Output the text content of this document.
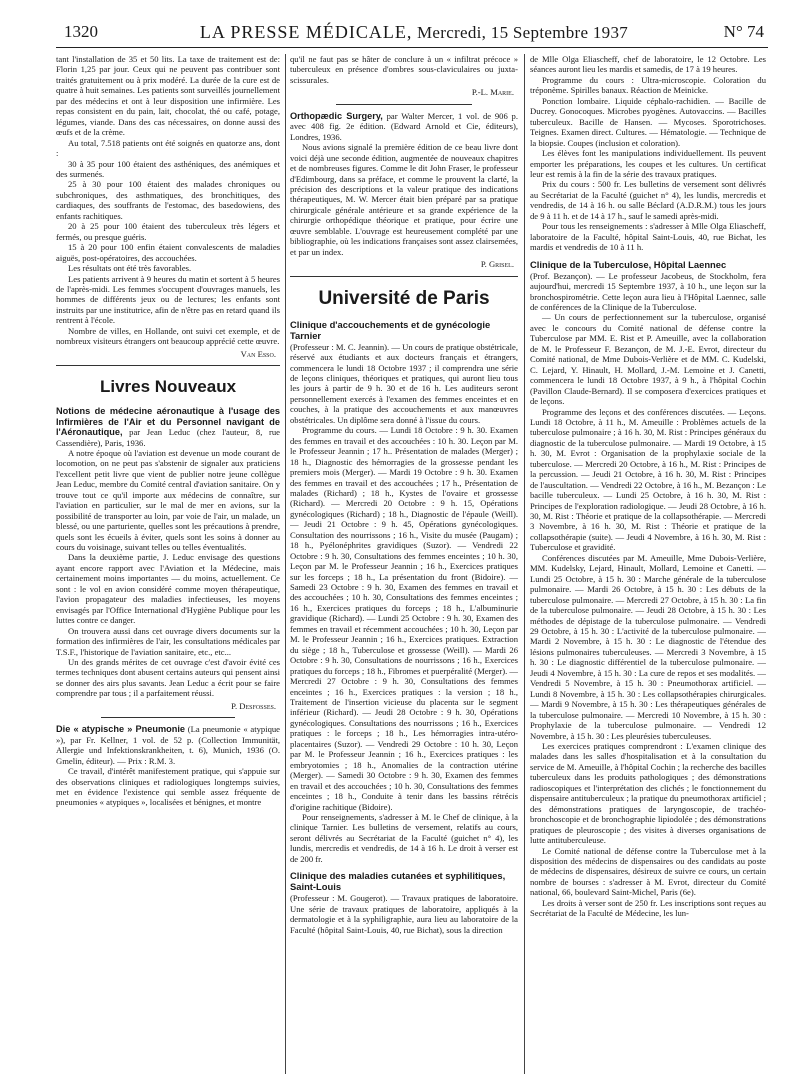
1320	LA PRESSE MÉDICALE, Mercredi, 15 Septembre 1937	N° 74

tant l'installation de 35 et 50 lits. La taxe de traitement est de: Florin 1,25 par jour. Ceux qui ne peuvent pas contribuer sont traités gratuitement ou à prix modéré. La durée de la cure est de quatre à huit semaines. Les patients sont surveillés journellement par des médecins et ont à leur disposition une infirmière. Les repas consistent en du pain, lait, chocolat, thé ou café, potage, légumes, viande. Dans des cas nécessaires, on donne aussi des œufs et de la crème.

Au total, 7.518 patients ont été soignés en quatorze ans, dont :

30 à 35 pour 100 étaient des asthéniques, des anémiques et des surmenés.

25 à 30 pour 100 étaient des malades chroniques ou subchroniques, des asthmatiques, des bronchitiques, des cardiaques, des souffrants de l'estomac, des basedowiens, des enfants rachitiques.

20 à 25 pour 100 étaient des tuberculeux très légers et fermés, ou presque guéris.

15 à 20 pour 100 enfin étaient convalescents de maladies aiguës, post-opératoires, des accouchées.

Les résultats ont été très favorables.

Les patients arrivent à 9 heures du matin et sortent à 5 heures de l'après-midi. Les femmes s'occupent d'ouvrages manuels, les hommes de différents jeux ou de lectures; les enfants sont instruits par une institutrice, afin de n'être pas en retard quand ils rentrent à l'école.

Nombre de villes, en Hollande, ont suivi cet exemple, et de nombreux visiteurs étrangers ont beaucoup apprécié cette œuvre.

Van Esso.

Livres Nouveaux

Notions de médecine aéronautique à l'usage des Infirmières de l'Air et du Personnel navigant de l'Aéronautique, par Jean Leduc (chez l'auteur, 8, rue Cassendière), Paris, 1936.

A notre époque où l'aviation est devenue un mode courant de locomotion, on ne peut pas s'abstenir de signaler aux praticiens l'excellent petit livre que vient de publier notre jeune collègue Jean Leduc, membre du Comité central d'aviation sanitaire. On y trouve tout ce qu'il importe aux médecins de connaître, sur l'aviation en particulier, sur le mal de mer en avions, sur la possibilité de transporter au loin, par voie de l'air, un malade, un blessé, ou une parturiente, quelles sont les précautions à prendre, quels sont les écueils à éviter, quels sont les soins à donner au cours du voisinage, suivant telles ou telles éventualités.

Dans la deuxième partie, J. Leduc envisage des questions ayant encore rapport avec l'Aviation et la Médecine, mais certainement moins importantes — du moins, actuellement. Ce sont : le vol en avion considéré comme moyen thérapeutique, l'avion propagateur des maladies infectieuses, les moyens envisagés par l'Office International d'Hygiène Publique pour les luttes contre ce danger.

On trouvera aussi dans cet ouvrage divers documents sur la formation des infirmières de l'air, les consultations médicales par T.S.F., l'historique de l'aviation sanitaire, etc., etc...

Un des grands mérites de cet ouvrage c'est d'avoir évité ces termes techniques dont abusent certains auteurs qui pensent ainsi se donner des airs plus savants. Jean Leduc a écrit pour se faire comprendre par tous ; il a parfaitement réussi.

P. Desfosses.

Die « atypische » Pneumonie (La pneumonie « atypique »), par Fr. Kellner, 1 vol. de 52 p. (Collection Immunität, Allergie und Infektionskrankheiten, t. 6), Munich, 1936 (O. Gmelin, éditeur). — Prix : R.M. 3.

Ce travail, d'intérêt manifestement pratique, qui s'appuie sur des observations cliniques et radiologiques longtemps suivies, met en évidence l'existence qui semble assez fréquente de pneumonies « atypiques », localisées et bénignes, et montre

qu'il ne faut pas se hâter de conclure à un « infiltrat précoce » tuberculeux en présence d'ombres sous-claviculaires ou juxta-scissurales.

P.-L. Marie.

Orthopædic Surgery, par Walter Mercer, 1 vol. de 906 p. avec 408 fig. 2e édition. (Edward Arnold et Cie, éditeurs), Londres, 1936.

Nous avions signalé la première édition de ce beau livre dont voici déjà une seconde édition, augmentée de nouveaux chapitres et de nombreuses figures. Comme le dit John Fraser, le professeur d'Edimbourg, dans sa préface, et comme le prouvent la clarté, la précision des descriptions et la valeur pratique des indications thérapeutiques, M. W. Mercer était bien préparé par sa pratique chirurgicale générale antérieure et sa grande expérience de la chirurgie orthopédique théorique et pratique, pour écrire une œuvre semblable. L'ouvrage est heureusement complété par une bibliographie, où les indications françaises sont assez clairsemées, et par un index.

P. Grisel.

Université de Paris
Clinique d'accouchements et de gynécologie Tarnier

(Professeur : M. C. Jeannin). — Un cours de pratique obstétricale, réservé aux étudiants et aux docteurs français et étrangers, commencera le lundi 18 Octobre 1937 ; il comprendra une série de leçons cliniques, théoriques et pratiques, qui auront lieu tous les jours à partir de 9 h. 30 et de 16 h. Les auditeurs seront personnellement exercés à l'examen des femmes enceintes et en couches, à la pratique des accouchements et aux manœuvres obstétricales. Un diplôme sera donné à l'issue du cours.

Programme du cours. — Lundi 18 Octobre : 9 h. 30. Examen des femmes en travail et des accouchées : 10 h. 30. Leçon par M. le Professeur Jeannin ; 17 h.. Présentation de malades (Merger) ; 18 h., Diagnostic des hémorragies de la grossesse pendant les premiers mois (Merger). — Mardi 19 Octobre : 9 h. 30. Examen des femmes en travail et des accouchées ; 17 h., Présentation de malades (Richard) ; 18 h., Kystes de l'ovaire et grossesse (Richard). — Mercredi 20 Octobre : 9 h. 15, Opérations gynécologiques (Richard) ; 18 h., Diagnostic de l'épaule (Weill). — Jeudi 21 Octobre : 9 h. 45, Opérations gynécologiques. Consultation des nourrissons ; 16 h., Visite du musée (Paugam) ; 18 h., Pyélonéphrites gravidiques (Suzor). — Vendredi 22 Octobre : 9 h. 30, Consultations des femmes enceintes ; 10 h. 30, Leçon par M. le Professeur Jeannin ; 16 h., Exercices pratiques sur les forceps ; 18 h., La présentation du front (Bidoire). — Samedi 23 Octobre : 9 h. 30, Examen des femmes en travail et des accouchées ; 10 h. 30, Consultations des femmes enceintes ; 16 h., Exercices pratiques du forceps ; 18 h., L'albuminurie gravidique (Richard). — Lundi 25 Octobre : 9 h. 30, Examen des femmes en travail et récemment accouchées ; 10 h. 30, Leçon par M. le Professeur Jeannin ; 16 h., Exercices pratiques. Extraction du siège ; 18 h., Tuberculose et grossesse (Weill). — Mardi 26 Octobre : 9 h. 30, Consultations de nourrissons ; 16 h., Exercices pratiques du forceps ; 18 h., Fibromes et puerpéralité (Merger). — Mercredi 27 Octobre : 9 h. 30, Consultations des femmes enceintes ; 16 h., Exercices pratiques : la version ; 18 h., Traitement de l'insertion vicieuse du placenta sur le segment inférieur (Richard). — Jeudi 28 Octobre : 9 h. 30, Opérations gynécologiques. Consultations des nourrissons ; 16 h., Exercices pratiques : le forceps ; 18 h., Les hémorragies intra-utéro-placentaires (Suzor). — Vendredi 29 Octobre : 10 h. 30, Leçon par M. le Professeur Jeannin ; 16 h., Exercices pratiques : les embryotomies ; 18 h., Anomalies de la contraction utérine (Merger). — Samedi 30 Octobre : 9 h. 30, Examen des femmes en travail et des accouchées ; 10 h. 30, Consultations des femmes enceintes ; 18 h., Conduite à tenir dans les bassins rétrécis d'origine rachitique (Bidoire).

Pour renseignements, s'adresser à M. le Chef de clinique, à la clinique Tarnier. Les bulletins de versement, relatifs au cours, seront délivrés au Secrétariat de la Faculté (guichet n° 4), les lundis, mercredis et vendredis, de 14 à 16 h. Le droit à verser est de 200 fr.

Clinique des maladies cutanées et syphilitiques, Saint-Louis

(Professeur : M. Gougerot). — Travaux pratiques de laboratoire. Une série de travaux pratiques de laboratoire, appliqués à la dermatologie et à la syphiligraphie, aura lieu au laboratoire de la Faculté (hôpital Saint-Louis, 40, rue Bichat), sous la direction

de Mlle Olga Eliascheff, chef de laboratoire, le 12 Octobre. Les séances auront lieu les mardis et samedis, de 17 à 19 heures.

Programme du cours : Ultra-microscopie. Coloration du tréponème. Spirilles banaux. Réaction de Meinicke.

Ponction lombaire. Liquide céphalo-rachidien. — Bacille de Ducrey. Gonocoques. Microbes pyogènes. Autovaccins. — Bacilles tuberculeux. Bacille de Hansen. — Mycoses. Sporotrichoses. Teignes. Examen direct. Cultures. — Hématologie. — Technique de la biopsie. Coupes (inclusion et coloration).

Les élèves font les manipulations individuellement. Ils peuvent emporter les préparations, les coupes et les cultures. Un certificat leur est remis à la fin de la série des travaux pratiques.

Prix du cours : 500 fr. Les bulletins de versement sont délivrés au Secrétariat de la Faculté (guichet n° 4), les lundis, mercredis et vendredis, de 14 à 16 h. ou salle Béclard (A.D.R.M.) tous les jours de 9 à 11 h. et de 14 à 17 h., sauf le samedi après-midi.

Pour tous les renseignements : s'adresser à Mlle Olga Eliascheff, laboratoire de la Faculté, hôpital Saint-Louis, 40, rue Bichat, les mardis et vendredis de 10 à 11 h.

Clinique de la Tuberculose, Hôpital Laennec

(Prof. Bezançon). — Le professeur Jacobeus, de Stockholm, fera aujourd'hui, mercredi 15 Septembre 1937, à 10 h., une leçon sur la bronchospirométrie. Cette leçon aura lieu à l'Hôpital Laennec, salle de conférences de la Clinique de la Tuberculose.

— Un cours de perfectionnement sur la tuberculose, organisé avec le concours du Comité national de défense contre la Tuberculose par MM. E. Rist et P. Ameuille, avec la collaboration de M. le Professeur F. Bezançon, de M. J.-E. Evrot, directeur du Comité national, de Mme Dubois-Verlière et de MM. C. Kudelski, C. Lejard, Y. Hinault, H. Mollard, J.-M. Lemoine et J. Canetti, commencera le lundi 18 Octobre 1937, à 9 h., à l'hôpital Cochin (Pavillon Claude-Bernard). Il se composera d'exercices pratiques et de leçons.

Programme des leçons et des conférences discutées. — Leçons. Lundi 18 Octobre, à 11 h., M. Ameuille : Problèmes actuels de la tuberculose pulmonaire ; à 16 h. 30, M. Rist : Principes généraux du diagnostic de la tuberculose pulmonaire. — Mardi 19 Octobre, à 15 h. 30, M. Evrot : Organisation de la prophylaxie sociale de la tuberculose. — Mercredi 20 Octobre, à 16 h., M. Rist : Principes de la percussion. — Jeudi 21 Octobre, à 16 h. 30, M. Rist : Principes de l'auscultation. — Vendredi 22 Octobre, à 16 h., M. Bezançon : Le bacille tuberculeux. — Lundi 25 Octobre, à 16 h. 30, M. Rist : Principes de l'exploration radiologique. — Jeudi 28 Octobre, à 16 h. 30, M. Rist : Théorie et pratique de la collapsothérapie. — Mercredi 3 Novembre, à 16 h. 30, M. Rist : Théorie et pratique de la collapsothérapie (suite). — Jeudi 4 Novembre, à 16 h. 30, M. Rist : Tuberculose et gravidité.

Conférences discutées par M. Ameuille, Mme Dubois-Verlière, MM. Kudelsky, Lejard, Hinault, Mollard, Lemoine et Canetti. — Lundi 25 Octobre, à 15 h. 30 : Marche générale de la tuberculose pulmonaire. — Mardi 26 Octobre, à 15 h. 30 : Les débuts de la tuberculose pulmonaire. — Mercredi 27 Octobre, à 15 h. 30 : La fin de la tuberculose pulmonaire. — Jeudi 28 Octobre, à 15 h. 30 : Les méthodes de dépistage de la tuberculose pulmonaire. — Vendredi 29 Octobre, à 15 h. 30 : L'activité de la tuberculose pulmonaire. — Mardi 2 Novembre, à 15 h. 30 : Le diagnostic de l'étendue des lésions pulmonaires tuberculeuses. — Mercredi 3 Novembre, à 15 h. 30 : Le diagnostic différentiel de la tuberculose pulmonaire. — Jeudi 4 Novembre, à 15 h. 30 : La cure de repos et ses modalités. — Vendredi 5 Novembre, à 15 h. 30 : Pneumothorax artificiel. — Lundi 8 Novembre, à 15 h. 30 : Les collapsothérapies chirurgicales. — Mardi 9 Novembre, à 15 h. 30 : Les thérapeutiques générales de la tuberculose pulmonaire. — Mercredi 10 Novembre, à 15 h. 30 : Prophylaxie de la tuberculose pulmonaire. — Vendredi 12 Novembre, à 15 h. 30 : Les pleurésies tuberculeuses.

Les exercices pratiques comprendront : L'examen clinique des malades dans les salles d'hospitalisation et à la consultation du service de M. Ameuille, à l'hôpital Cochin ; la recherche des bacilles tuberculeux dans les produits pathologiques ; des démonstrations radioscopiques et l'interprétation des clichés ; le fonctionnement du dispensaire antituberculeux ; la pratique du pneumothorax artificiel ; des démonstrations pratiques de laryngoscopie, de trachéo-bronchoscopie et de bronchographie lipiodolée ; des démonstrations pratiques de pleuroscopie ; des visites à diverses organisations de lutte antituberculeuse.

Le Comité national de défense contre la Tuberculose met à la disposition des médecins de dispensaires ou des candidats au poste de médecins de dispensaires, désireux de suivre ce cours, un certain nombre de bourses : s'adresser à M. Evrot, directeur du Comité national, 66, boulevard Saint-Michel, Paris (6e).

Les droits à verser sont de 250 fr. Les inscriptions sont reçues au Secrétariat de la Faculté de Médecine, les lun-
